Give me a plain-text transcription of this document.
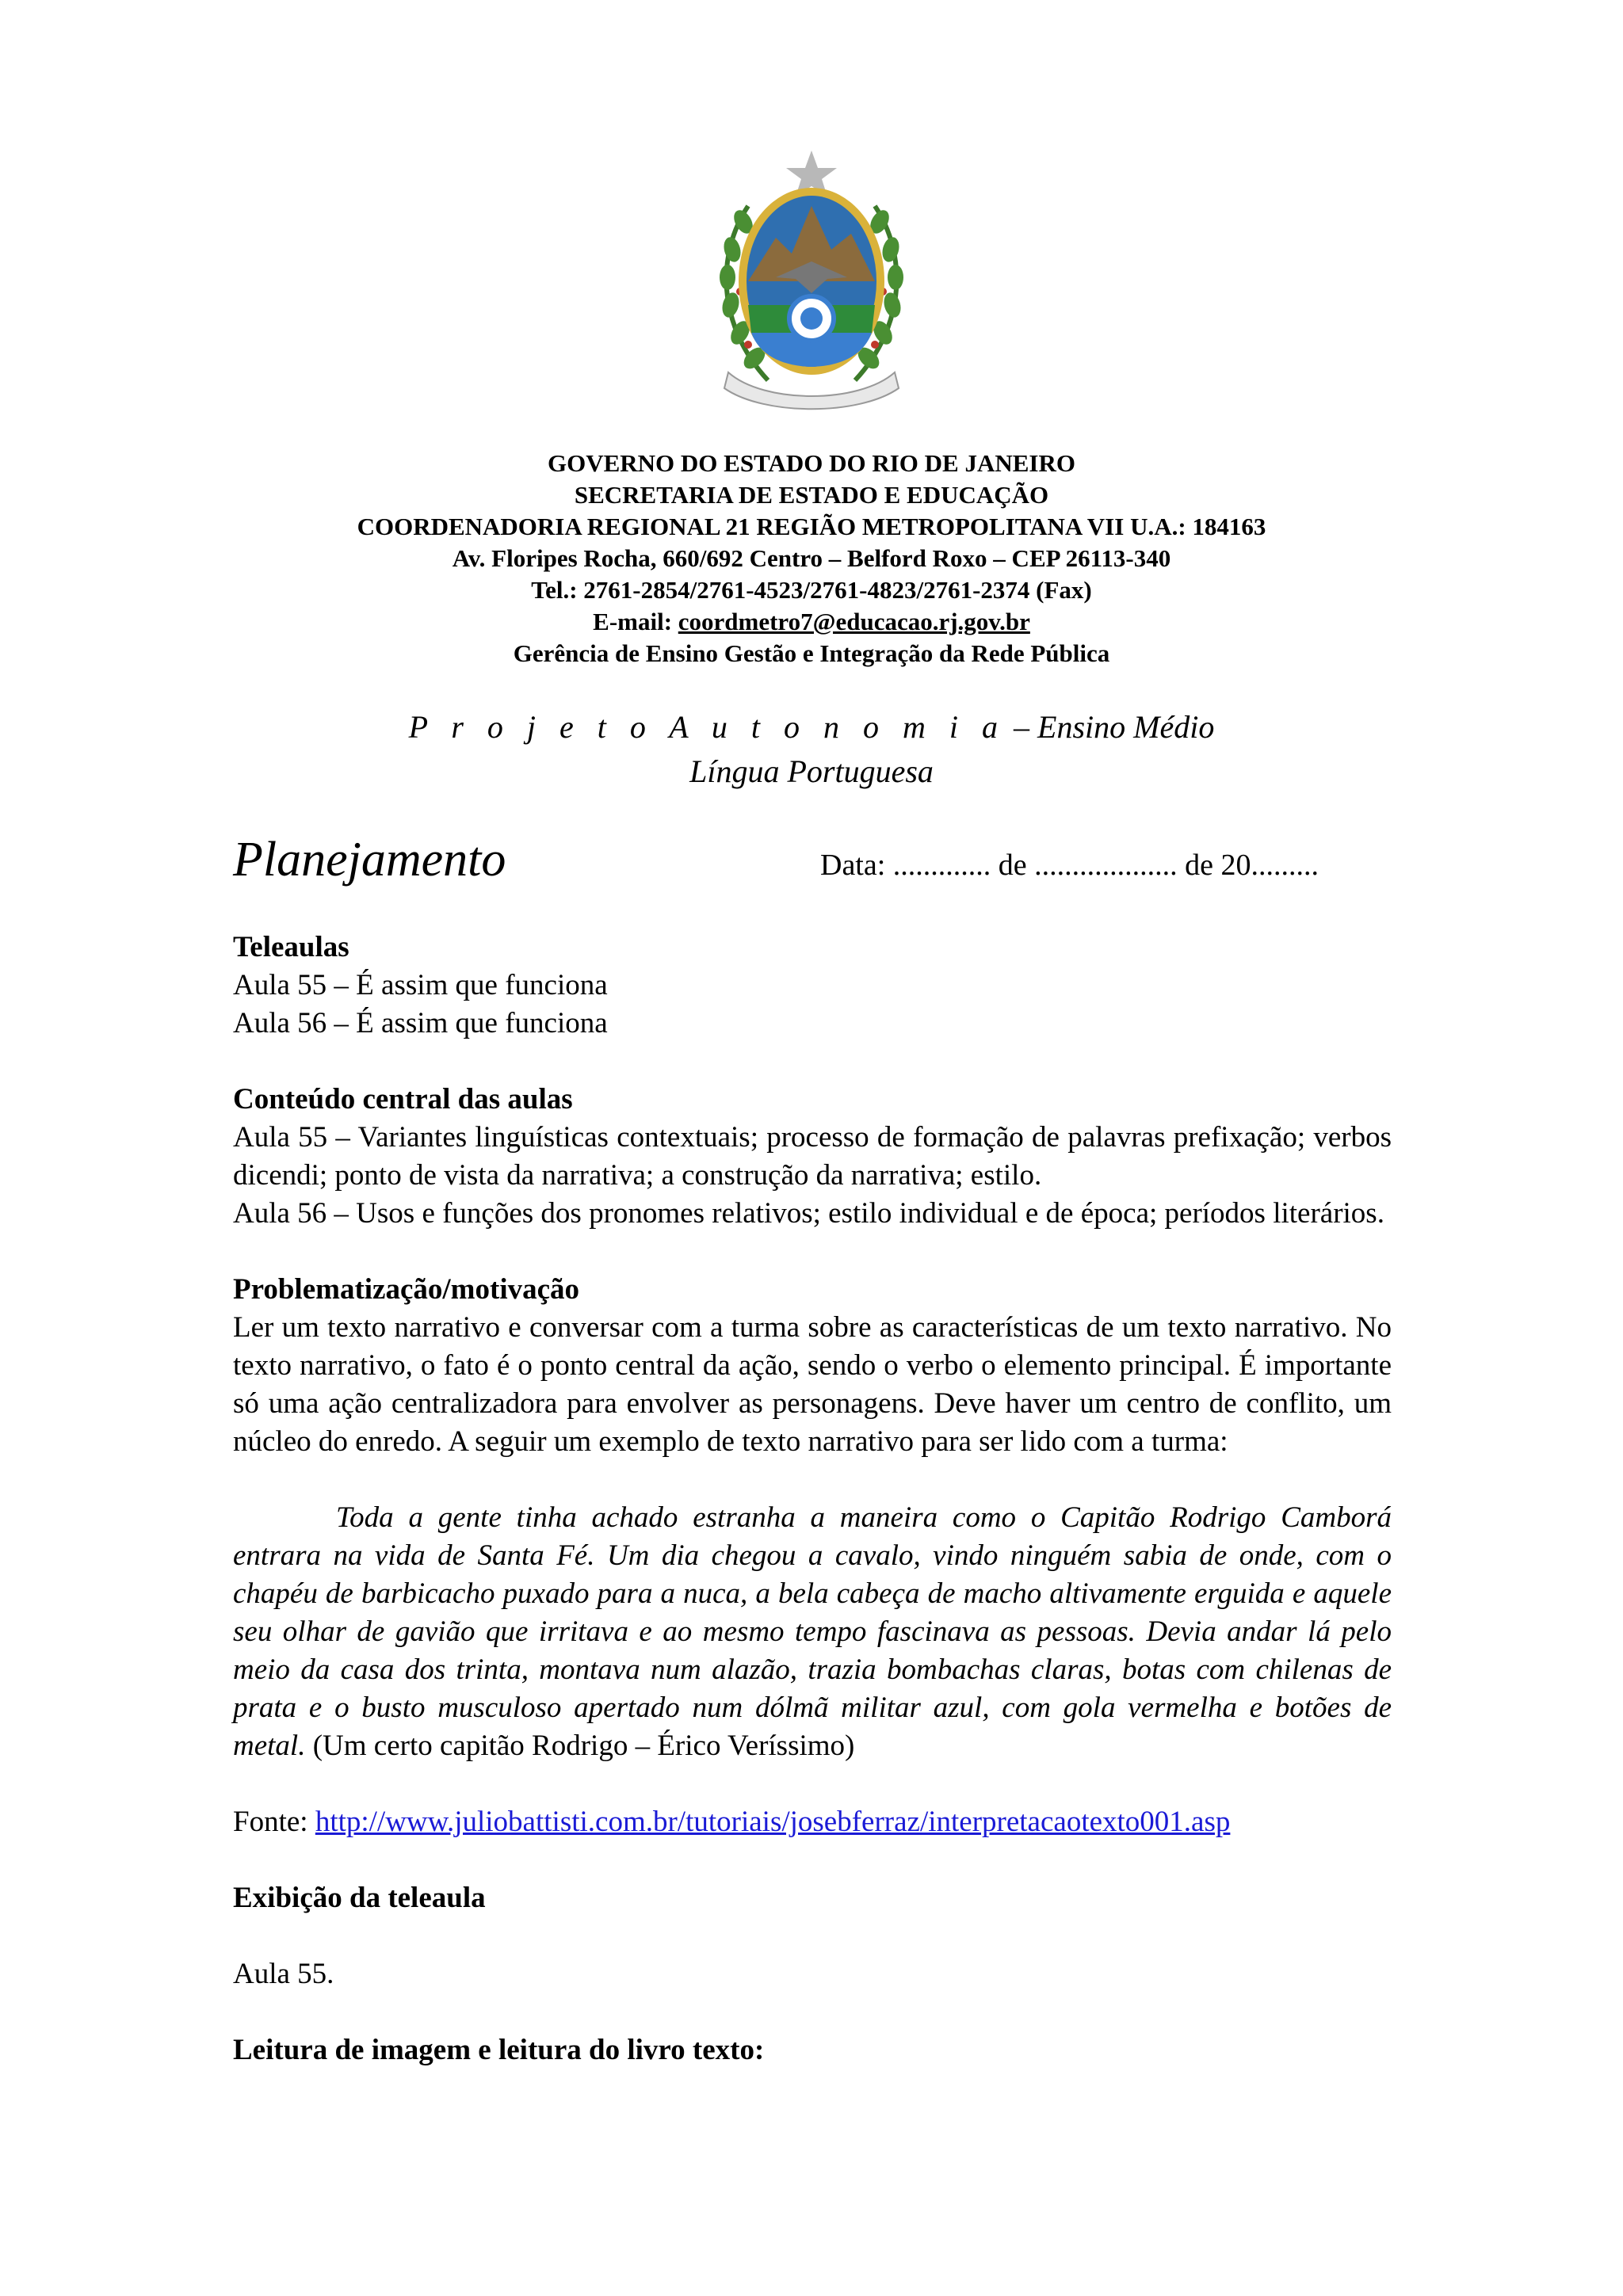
GOVERNO DO ESTADO DO RIO DE JANEIRO
SECRETARIA DE ESTADO E EDUCAÇÃO
COORDENADORIA REGIONAL 21 REGIÃO METROPOLITANA VII U.A.: 184163
Av. Floripes Rocha, 660/692 Centro – Belford Roxo – CEP 26113-340
Tel.: 2761-2854/2761-4523/2761-4823/2761-2374 (Fax)
E-mail: coordmetro7@educacao.rj.gov.br
Gerência de Ensino Gestão e Integração da Rede Pública
P r o j e t o A u t o n o m i a – Ensino Médio
Língua Portuguesa
Planejamento	Data: ............. de ................... de 20.........

Teleaulas

Aula 55 – É assim que funciona

Aula 56 – É assim que funciona

Conteúdo central das aulas

Aula 55 – Variantes linguísticas contextuais; processo de formação de palavras prefixação; verbos dicendi; ponto de vista da narrativa; a construção da narrativa; estilo.

Aula 56 – Usos e funções dos pronomes relativos; estilo individual e de época; períodos literários.

Problematização/motivação

Ler um texto narrativo e conversar com a turma sobre as características de um texto narrativo. No texto narrativo, o fato é o ponto central da ação, sendo o verbo o elemento principal. É importante só uma ação centralizadora para envolver as personagens. Deve haver um centro de conflito, um núcleo do enredo. A seguir um exemplo de texto narrativo para ser lido com a turma:

Toda a gente tinha achado estranha a maneira como o Capitão Rodrigo Camborá entrara na vida de Santa Fé. Um dia chegou a cavalo, vindo ninguém sabia de onde, com o chapéu de barbicacho puxado para a nuca, a bela cabeça de macho altivamente erguida e aquele seu olhar de gavião que irritava e ao mesmo tempo fascinava as pessoas. Devia andar lá pelo meio da casa dos trinta, montava num alazão, trazia bombachas claras, botas com chilenas de prata e o busto musculoso apertado num dólmã militar azul, com gola vermelha e botões de metal. (Um certo capitão Rodrigo – Érico Veríssimo)

Fonte: http://www.juliobattisti.com.br/tutoriais/josebferraz/interpretacaotexto001.asp

Exibição da teleaula

Aula 55.

Leitura de imagem e leitura do livro texto:
